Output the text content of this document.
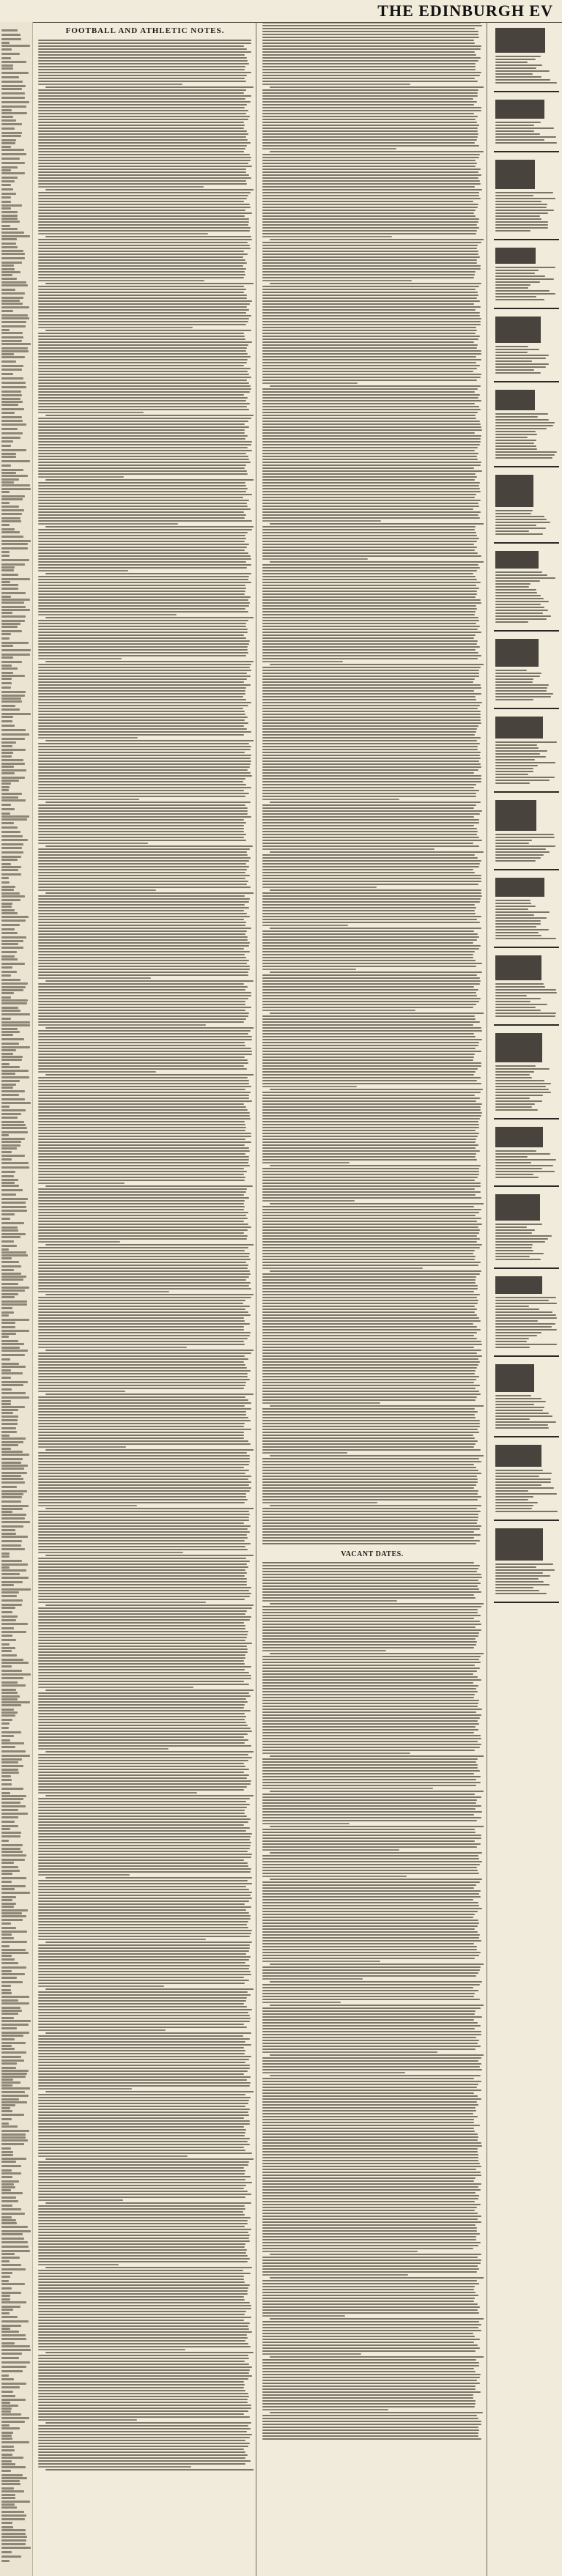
THE EDINBURGH EV
FOOTBALL AND ATHLETIC NOTES.
VACANT DATES.
